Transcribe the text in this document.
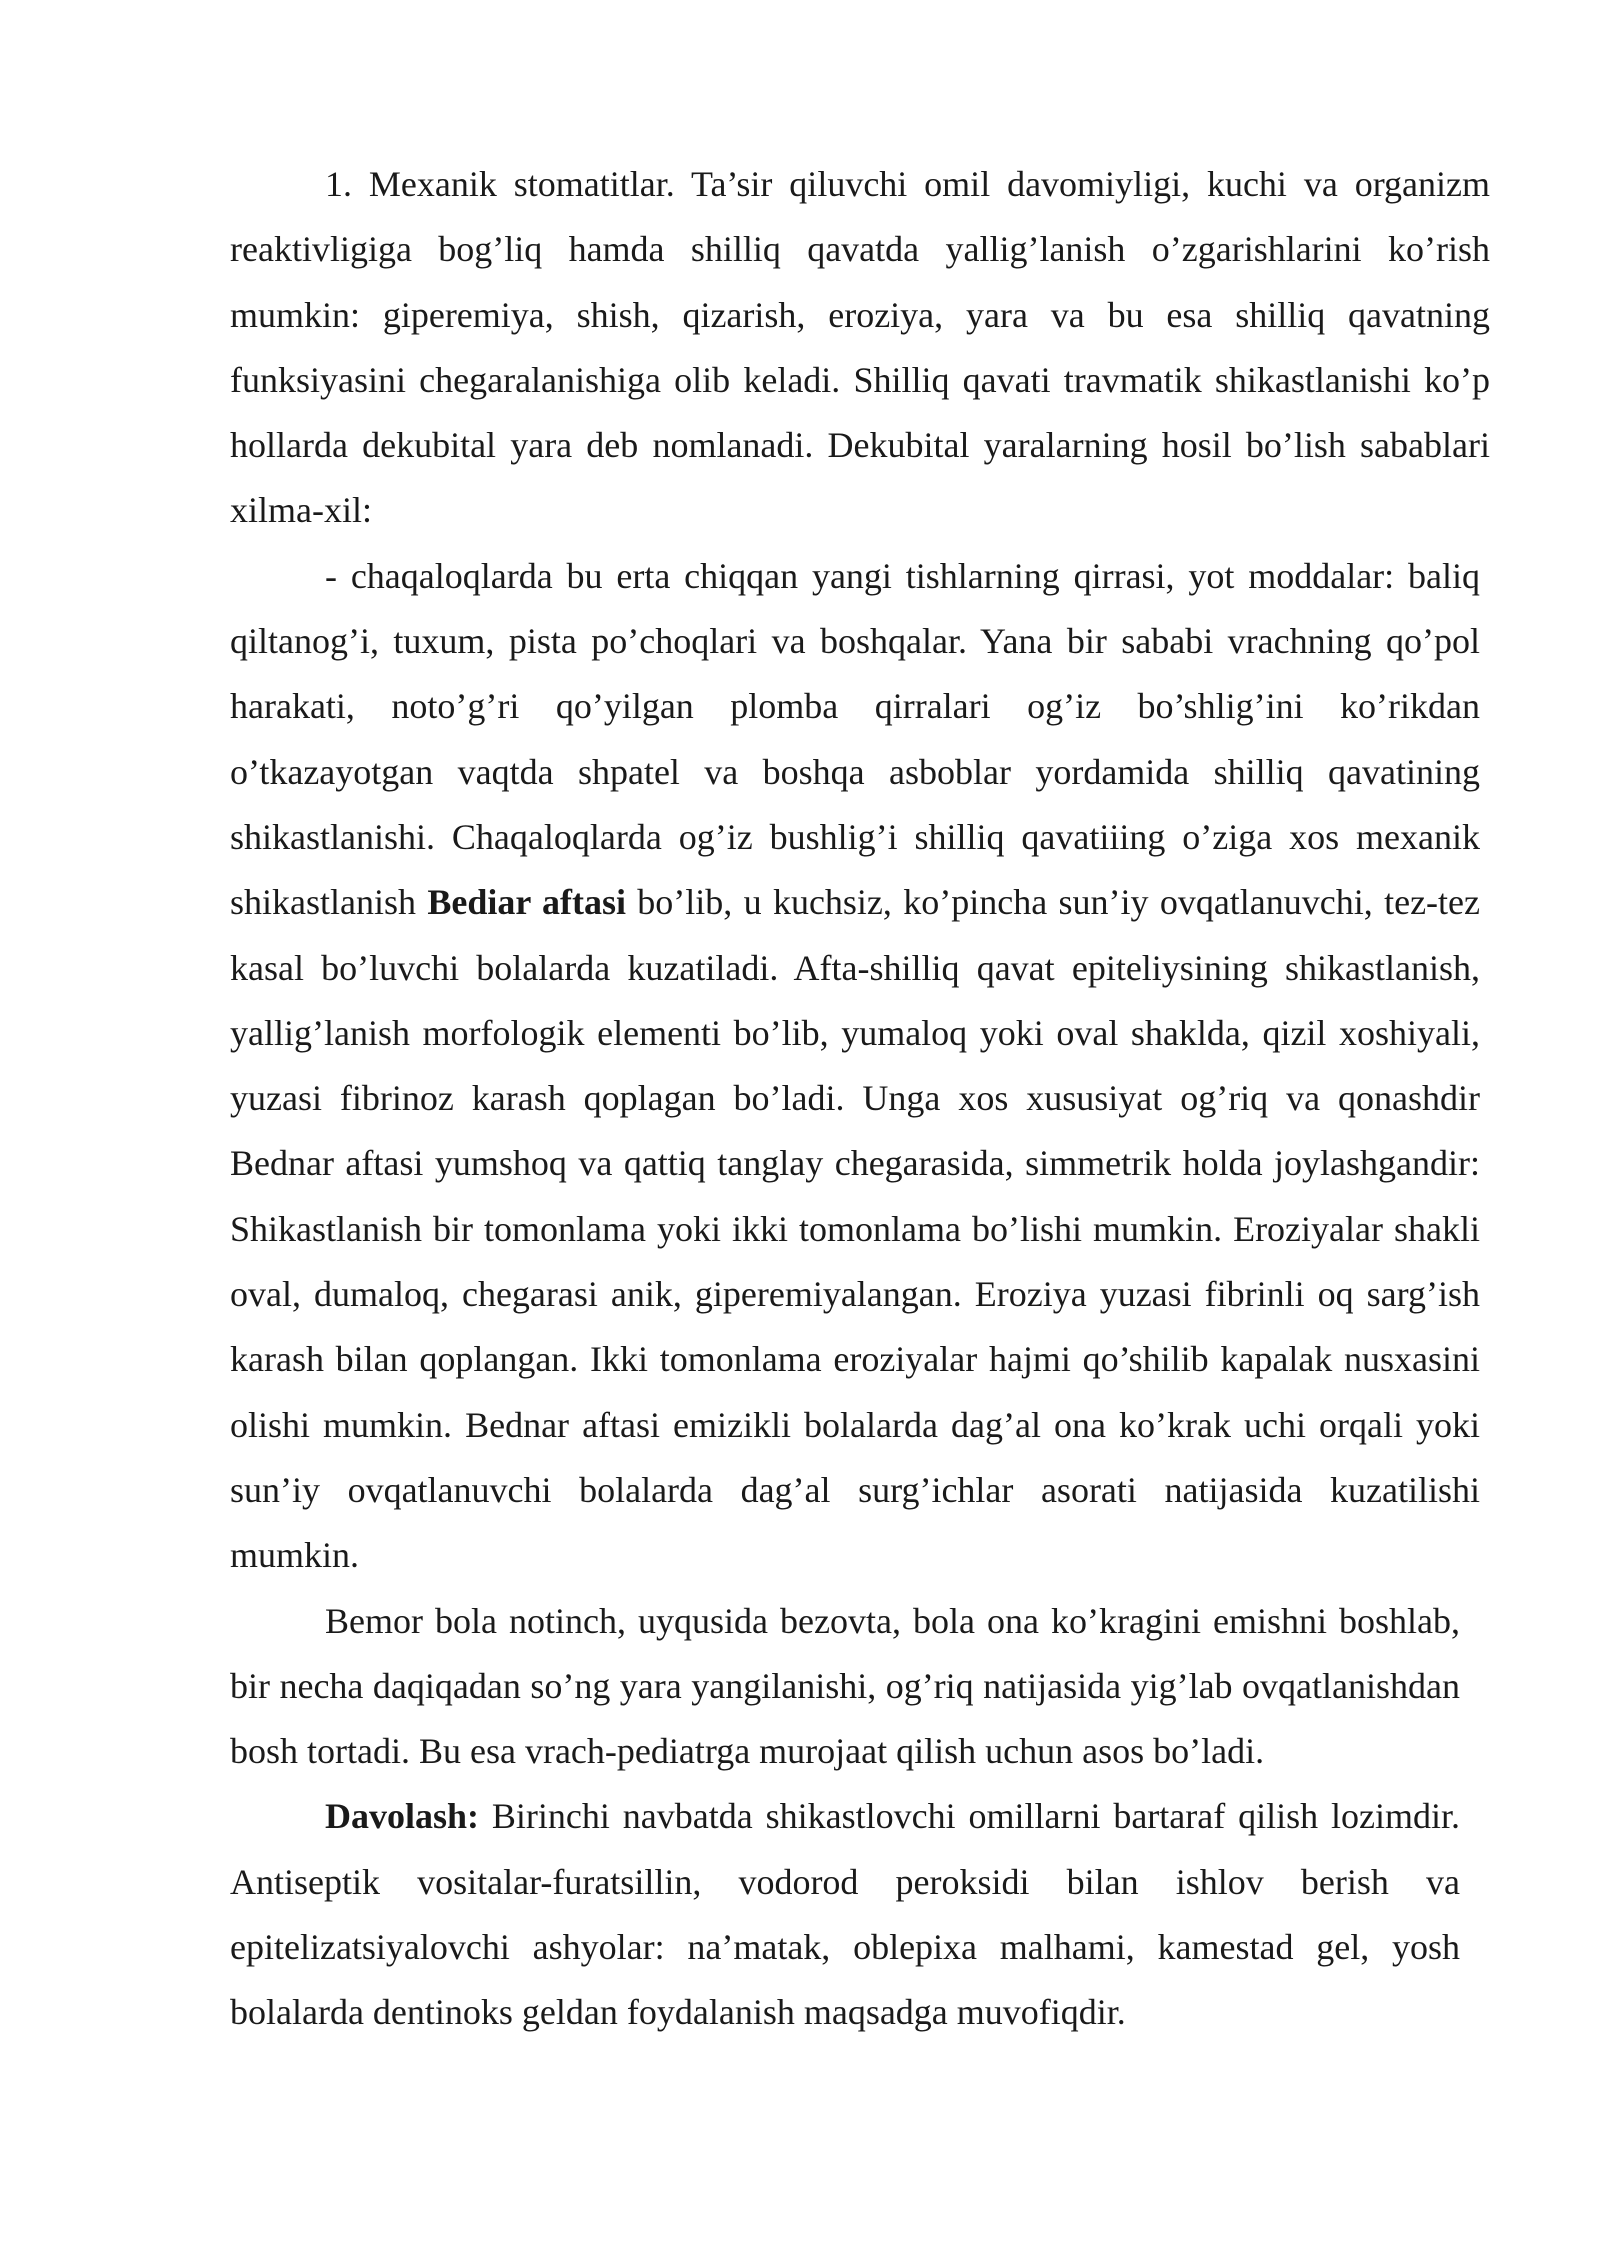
1. Mexanik stomatitlar. Ta’sir qiluvchi omil davomiyligi, kuchi va organizm reaktivligiga bog’liq hamda shilliq qavatda yallig’lanish o’zgarishlarini ko’rish mumkin: giperemiya, shish, qizarish, eroziya, yara va bu esa shilliq qavatning funksiyasini chegaralanishiga olib keladi. Shilliq qavati travmatik shikastlanishi ko’p hollarda dekubital yara deb nomlanadi. Dekubital yaralarning hosil bo’lish sabablari xilma-xil:

- chaqaloqlarda bu erta chiqqan yangi tishlarning qirrasi, yot moddalar: baliq qiltanog’i, tuxum, pista po’choqlari va boshqalar. Yana bir sababi vrachning qo’pol harakati, noto’g’ri qo’yilgan plomba qirralari og’iz bo’shlig’ini ko’rikdan o’tkazayotgan vaqtda shpatel va boshqa asboblar yordamida shilliq qavatining shikastlanishi. Chaqaloqlarda og’iz bushlig’i shilliq qavatiiing o’ziga xos mexanik shikastlanish Bediar aftasi bo’lib, u kuchsiz, ko’pincha sun’iy ovqatlanuvchi, tez-tez kasal bo’luvchi bolalarda kuzatiladi. Afta-shilliq qavat epiteliysining shikastlanish, yallig’lanish morfologik elementi bo’lib, yumaloq yoki oval shaklda, qizil xoshiyali, yuzasi fibrinoz karash qoplagan bo’ladi. Unga xos xususiyat og’riq va qonashdir Bednar aftasi yumshoq va qattiq tanglay chegarasida, simmetrik holda joylashgandir: Shikastlanish bir tomonlama yoki ikki tomonlama bo’lishi mumkin. Eroziyalar shakli oval, dumaloq, chegarasi anik, giperemiyalangan. Eroziya yuzasi fibrinli oq sarg’ish karash bilan qoplangan. Ikki tomonlama eroziyalar hajmi qo’shilib kapalak nusxasini olishi mumkin. Bednar aftasi emizikli bolalarda dag’al ona ko’krak uchi orqali yoki sun’iy ovqatlanuvchi bolalarda dag’al surg’ichlar asorati natijasida kuzatilishi mumkin.

Bemor bola notinch, uyqusida bezovta, bola ona ko’kragini emishni boshlab, bir necha daqiqadan so’ng yara yangilanishi, og’riq natijasida yig’lab ovqatlanishdan bosh tortadi. Bu esa vrach-pediatrga murojaat qilish uchun asos bo’ladi.

Davolash: Birinchi navbatda shikastlovchi omillarni bartaraf qilish lozimdir. Antiseptik vositalar-furatsillin, vodorod peroksidi bilan ishlov berish va epitelizatsiyalovchi ashyolar: na’matak, oblepixa malhami, kamestad gel, yosh bolalarda dentinoks geldan foydalanish maqsadga muvofiqdir.
